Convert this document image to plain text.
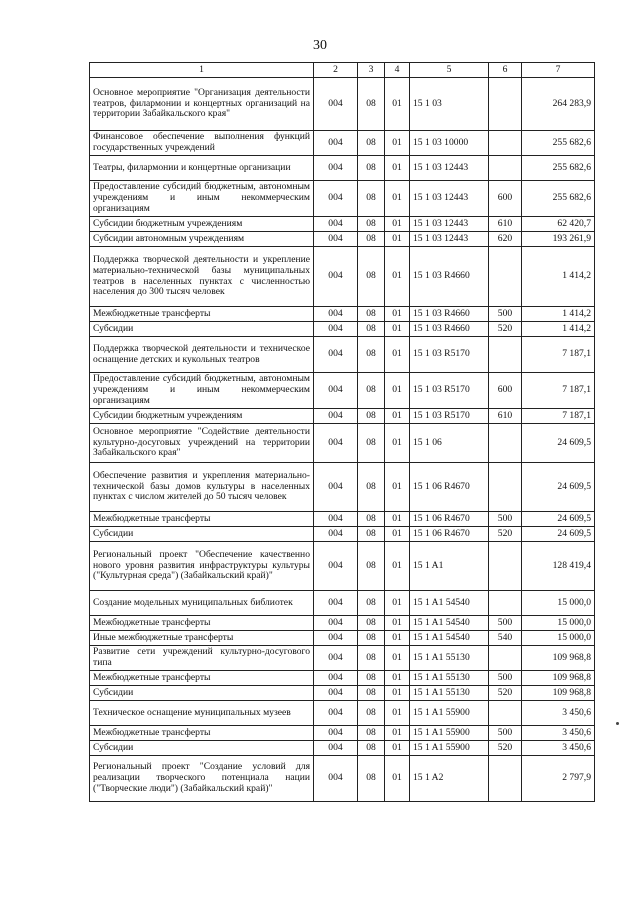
30
1	2	3	4	5	6	7
Основное мероприятие "Организация деятельности театров, филармонии и концертных организаций на территории Забайкальского края"	004	08	01	15 1 03		264 283,9
Финансовое обеспечение выполнения функций государственных учреждений	004	08	01	15 1 03 10000		255 682,6
Театры, филармонии и концертные организации	004	08	01	15 1 03 12443		255 682,6
Предоставление субсидий бюджетным, автономным учреждениям и иным некоммерческим организациям	004	08	01	15 1 03 12443	600	255 682,6
Субсидии бюджетным учреждениям	004	08	01	15 1 03 12443	610	62 420,7
Субсидии автономным учреждениям	004	08	01	15 1 03 12443	620	193 261,9
Поддержка творческой деятельности и укрепление материально-технической базы муниципальных театров в населенных пунктах с численностью населения до 300 тысяч человек	004	08	01	15 1 03 R4660		1 414,2
Межбюджетные трансферты	004	08	01	15 1 03 R4660	500	1 414,2
Субсидии	004	08	01	15 1 03 R4660	520	1 414,2
Поддержка творческой деятельности и техническое оснащение детских и кукольных театров	004	08	01	15 1 03 R5170		7 187,1
Предоставление субсидий бюджетным, автономным учреждениям и иным некоммерческим организациям	004	08	01	15 1 03 R5170	600	7 187,1
Субсидии бюджетным учреждениям	004	08	01	15 1 03 R5170	610	7 187,1
Основное мероприятие "Содействие деятельности культурно-досуговых учреждений на территории Забайкальского края"	004	08	01	15 1 06		24 609,5
Обеспечение развития и укрепления материально-технической базы домов культуры в населенных пунктах с числом жителей до 50 тысяч человек	004	08	01	15 1 06 R4670		24 609,5
Межбюджетные трансферты	004	08	01	15 1 06 R4670	500	24 609,5
Субсидии	004	08	01	15 1 06 R4670	520	24 609,5
Региональный проект "Обеспечение качественно нового уровня развития инфраструктуры культуры ("Культурная среда") (Забайкальский край)"	004	08	01	15 1 A1		128 419,4
Создание модельных муниципальных библиотек	004	08	01	15 1 A1 54540		15 000,0
Межбюджетные трансферты	004	08	01	15 1 A1 54540	500	15 000,0
Иные межбюджетные трансферты	004	08	01	15 1 A1 54540	540	15 000,0
Развитие сети учреждений культурно-досугового типа	004	08	01	15 1 A1 55130		109 968,8
Межбюджетные трансферты	004	08	01	15 1 A1 55130	500	109 968,8
Субсидии	004	08	01	15 1 A1 55130	520	109 968,8
Техническое оснащение муниципальных музеев	004	08	01	15 1 A1 55900		3 450,6
Межбюджетные трансферты	004	08	01	15 1 A1 55900	500	3 450,6
Субсидии	004	08	01	15 1 A1 55900	520	3 450,6
Региональный проект "Создание условий для реализации творческого потенциала нации ("Творческие люди") (Забайкальский край)"	004	08	01	15 1 A2		2 797,9
